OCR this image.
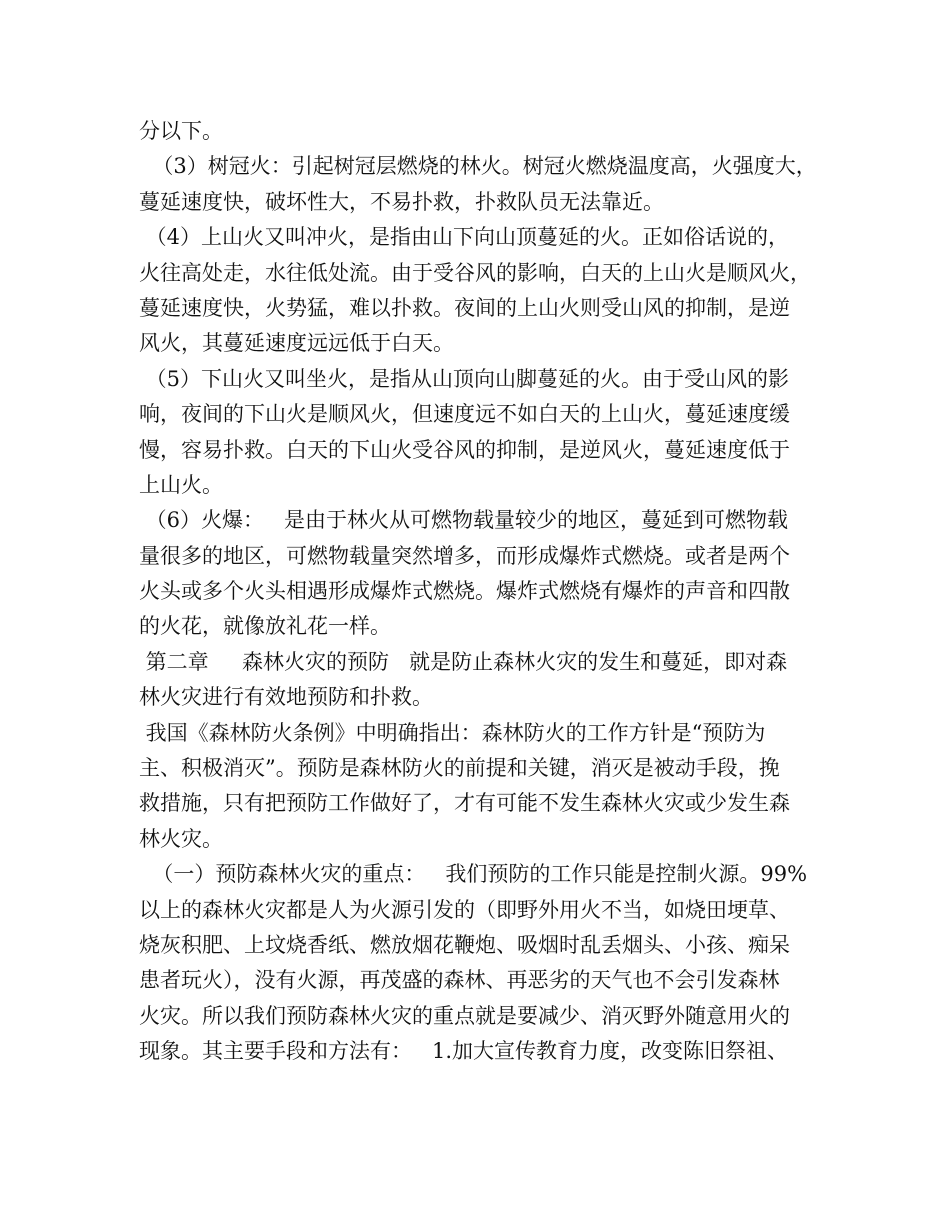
分以下。
（3）树冠火：引起树冠层燃烧的林火。树冠火燃烧温度高，火强度大，
蔓延速度快，破坏性大，不易扑救，扑救队员无法靠近。
（4）上山火又叫冲火，是指由山下向山顶蔓延的火。正如俗话说的，
火往高处走，水往低处流。由于受谷风的影响，白天的上山火是顺风火，
蔓延速度快，火势猛，难以扑救。夜间的上山火则受山风的抑制，是逆
风火，其蔓延速度远远低于白天。
（5）下山火又叫坐火，是指从山顶向山脚蔓延的火。由于受山风的影
响，夜间的下山火是顺风火，但速度远不如白天的上山火，蔓延速度缓
慢，容易扑救。白天的下山火受谷风的抑制，是逆风火，蔓延速度低于
上山火。
（6）火爆：   是由于林火从可燃物载量较少的地区，蔓延到可燃物载
量很多的地区，可燃物载量突然增多，而形成爆炸式燃烧。或者是两个
火头或多个火头相遇形成爆炸式燃烧。爆炸式燃烧有爆炸的声音和四散
的火花，就像放礼花一样。
第二章     森林火灾的预防   就是防止森林火灾的发生和蔓延，即对森
林火灾进行有效地预防和扑救。
我国《森林防火条例》中明确指出：森林防火的工作方针是“预防为
主、积极消灭”。预防是森林防火的前提和关键，消灭是被动手段，挽
救措施，只有把预防工作做好了，才有可能不发生森林火灾或少发生森
林火灾。
（一）预防森林火灾的重点：   我们预防的工作只能是控制火源。99%
以上的森林火灾都是人为火源引发的（即野外用火不当，如烧田埂草、
烧灰积肥、上坟烧香纸、燃放烟花鞭炮、吸烟时乱丢烟头、小孩、痴呆
患者玩火），没有火源，再茂盛的森林、再恶劣的天气也不会引发森林
火灾。所以我们预防森林火灾的重点就是要减少、消灭野外随意用火的
现象。其主要手段和方法有：   1.加大宣传教育力度，改变陈旧祭祖、
